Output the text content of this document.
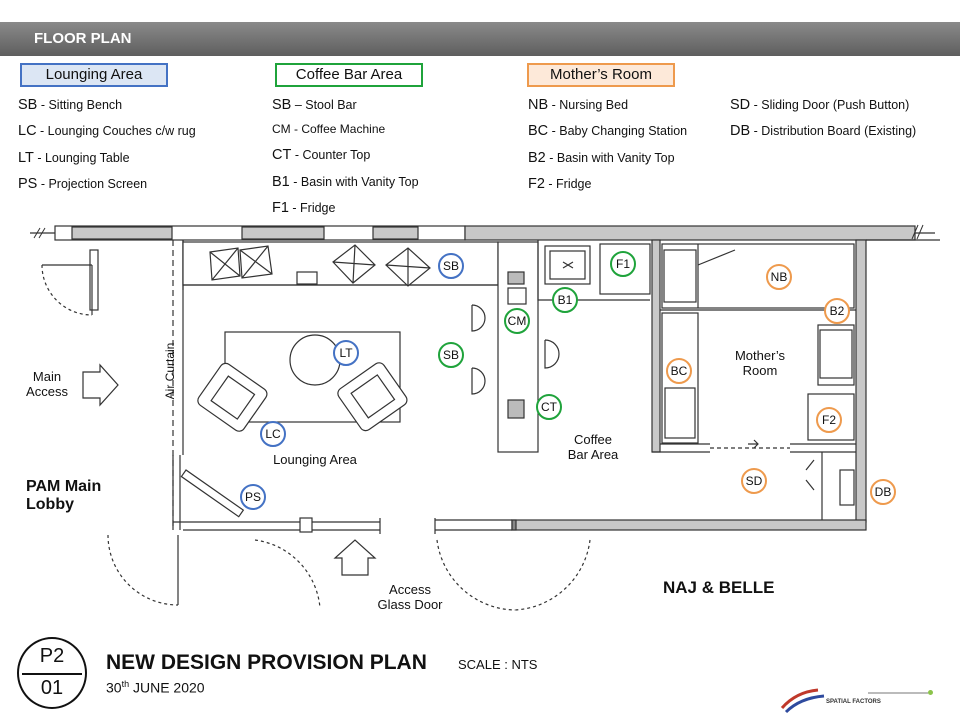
FLOOR PLAN
Lounging Area	Coffee Bar Area	Mother’s Room
SB - Sitting Bench
LC - Lounging Couches c/w rug
LT - Lounging Table
PS - Projection Screen
SB – Stool Bar
CM - Coffee Machine
CT - Counter Top
B1 - Basin with Vanity Top
F1 - Fridge
NB - Nursing Bed
BC - Baby Changing Station
B2 - Basin with Vanity Top
F2 - Fridge
SD - Sliding Door (Push Button)
DB - Distribution Board (Existing)
Main
Access	Air Curtain
Lounging Area
Coffee
Bar Area
Mother’s
Room
PAM Main
Lobby
Access
Glass Door
NAJ & BELLE
SB
LT
LC
PS
SB
CM
CT
B1
F1
NB
B2
BC
F2
SD
DB
P2
01
NEW DESIGN PROVISION PLAN SCALE : NTS
30th JUNE 2020
SPATIAL FACTORS
